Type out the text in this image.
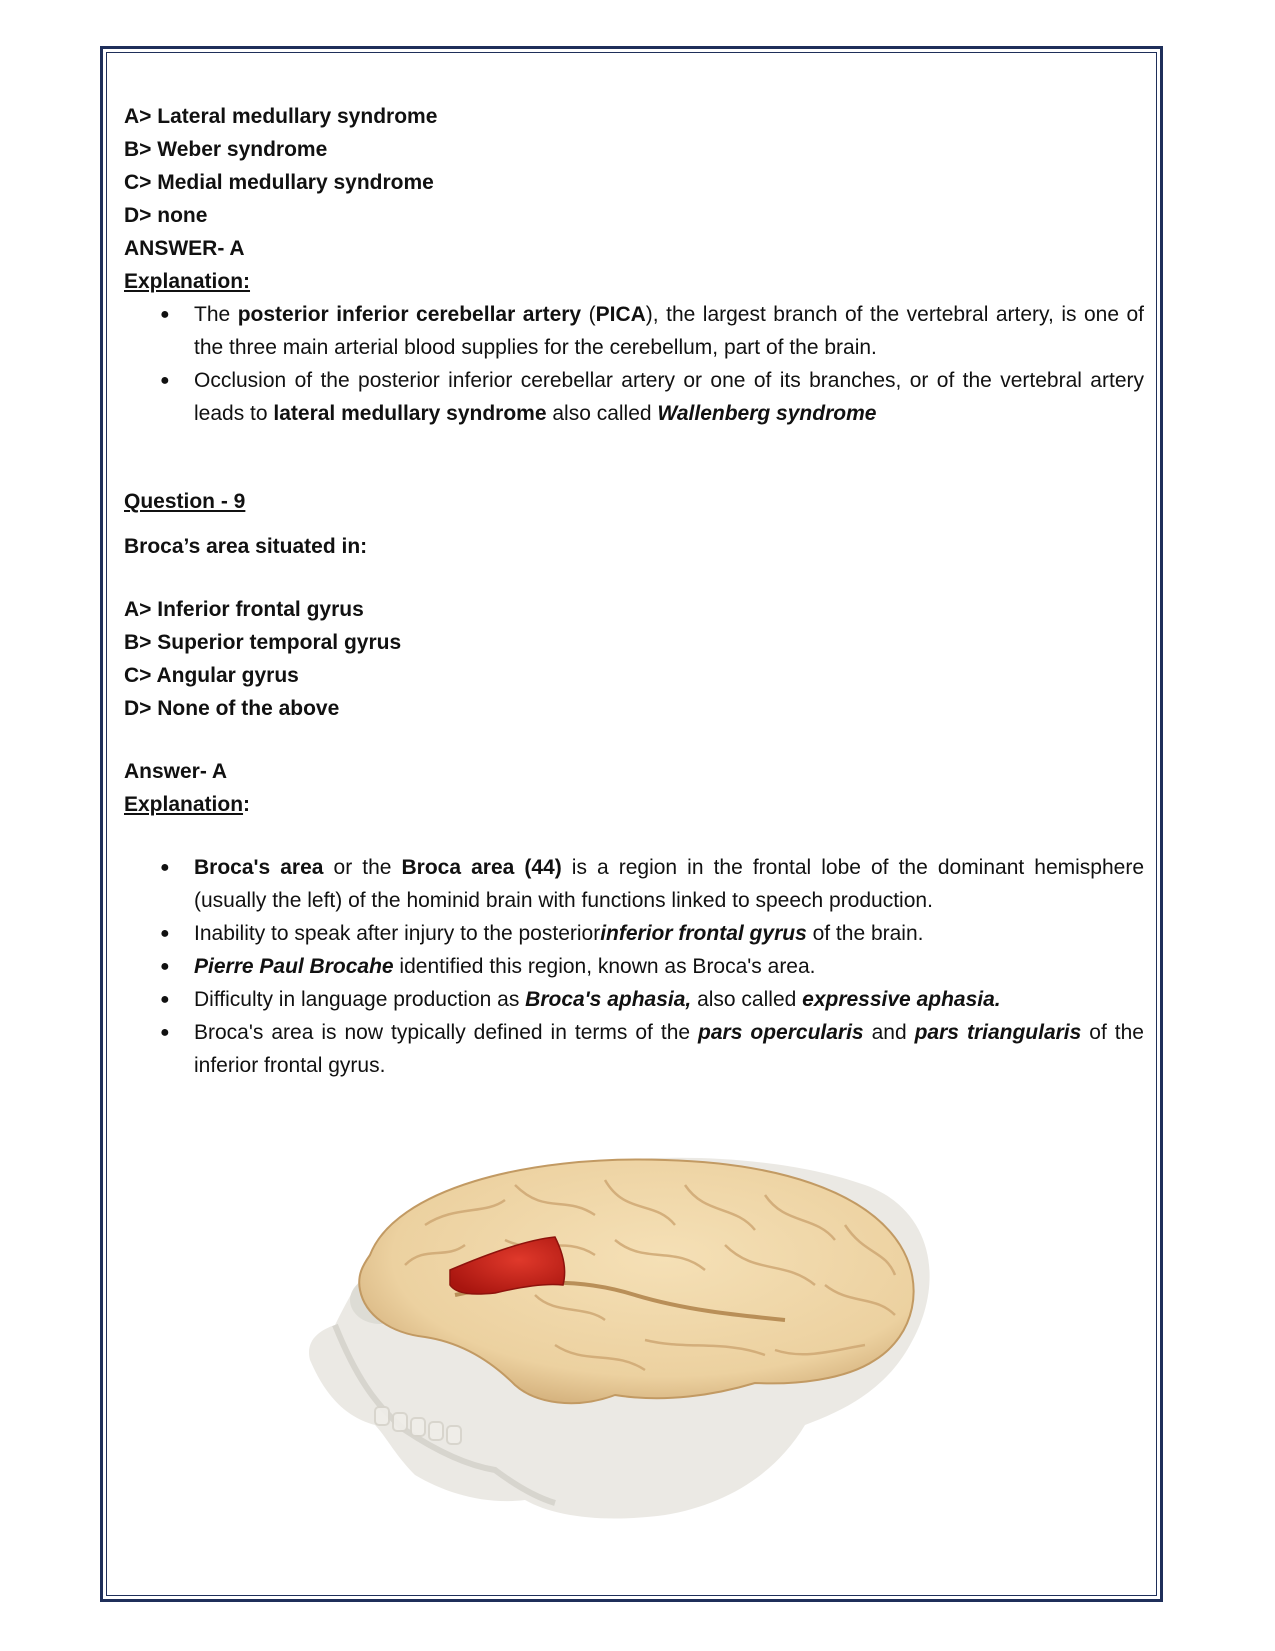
A> Lateral medullary syndrome
B> Weber syndrome
C> Medial medullary syndrome
D> none
ANSWER- A
Explanation:
● The posterior inferior cerebellar artery (PICA), the largest branch of the vertebral artery, is one of the three main arterial blood supplies for the cerebellum, part of the brain.
● Occlusion of the posterior inferior cerebellar artery or one of its branches, or of the vertebral artery leads to lateral medullary syndrome also called Wallenberg syndrome
Question - 9
Broca’s area situated in:
A> Inferior frontal gyrus
B> Superior temporal gyrus
C> Angular gyrus
D> None of the above
Answer- A
Explanation:
● Broca's area or the Broca area (44) is a region in the frontal lobe of the dominant hemisphere (usually the left) of the hominid brain with functions linked to speech production.
● Inability to speak after injury to the posteriorinferior frontal gyrus of the brain.
● Pierre Paul Brocahe identified this region, known as Broca's area.
● Difficulty in language production as Broca's aphasia, also called expressive aphasia.
● Broca's area is now typically defined in terms of the pars opercularis and pars triangularis of the inferior frontal gyrus.
